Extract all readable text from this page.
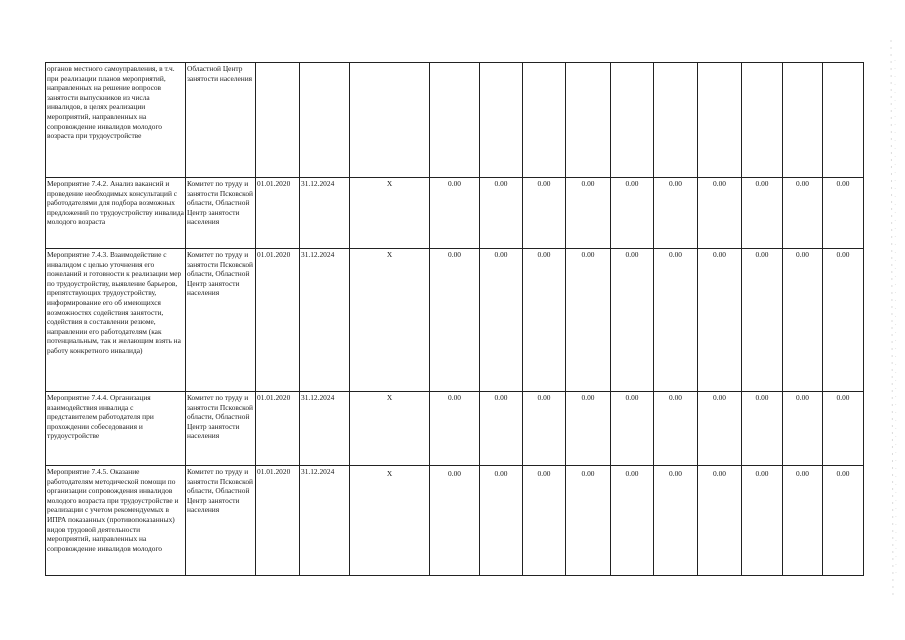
органов местного самоуправления, в т.ч. при реализации планов мероприятий, направленных на решение вопросов занятости выпускников из числа инвалидов, в целях реализации мероприятий, направленных на сопровождение инвалидов молодого возраста при трудоустройстве	Областной Центр занятости населения													
Мероприятие 7.4.2. Анализ вакансий и проведение необходимых консультаций с работодателями для подбора возможных предложений по трудоустройству инвалида молодого возраста	Комитет по труду и занятости Псковской области, Областной Центр занятости населения	01.01.2020	31.12.2024	X	0.00	0.00	0.00	0.00	0.00	0.00	0.00	0.00	0.00	0.00
Мероприятие 7.4.3. Взаимодействие с инвалидом с целью уточнения его пожеланий и готовности к реализации мер по трудоустройству, выявление барьеров, препятствующих трудоустройству, информирование его об имеющихся возможностях содействия занятости, содействия в составлении резюме, направлении его работодателям (как потенциальным, так и желающим взять на работу конкретного инвалида)	Комитет по труду и занятости Псковской области, Областной Центр занятости населения	01.01.2020	31.12.2024	X	0.00	0.00	0.00	0.00	0.00	0.00	0.00	0.00	0.00	0.00
Мероприятие 7.4.4. Организация взаимодействия инвалида с представителем работодателя при прохождении собеседования и трудоустройстве	Комитет по труду и занятости Псковской области, Областной Центр занятости населения	01.01.2020	31.12.2024	X	0.00	0.00	0.00	0.00	0.00	0.00	0.00	0.00	0.00	0.00
Мероприятие 7.4.5. Оказание работодателям методической помощи по организации сопровождения инвалидов молодого возраста при трудоустройстве и реализации с учетом рекомендуемых в ИПРА показанных (противопоказанных) видов трудовой деятельности мероприятий, направленных на сопровождение инвалидов молодого	Комитет по труду и занятости Псковской области, Областной Центр занятости населения	01.01.2020	31.12.2024	X	0.00	0.00	0.00	0.00	0.00	0.00	0.00	0.00	0.00	0.00
